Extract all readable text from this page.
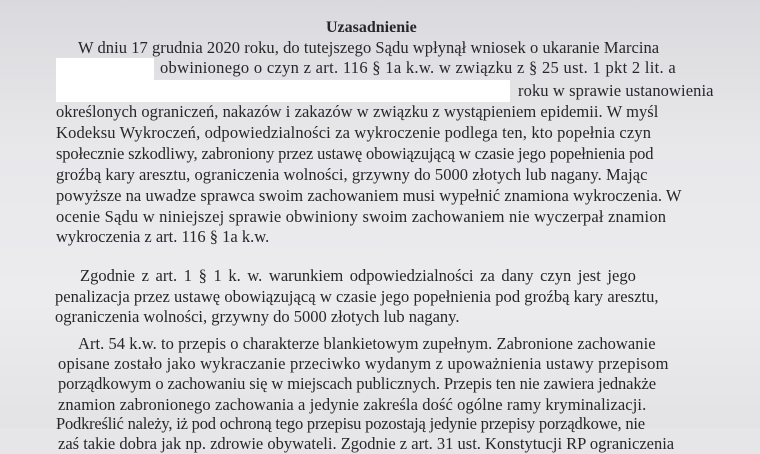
Uzasadnienie
W dniu 17 grudnia 2020 roku, do tutejszego Sądu wpłynął wniosek o ukaranie Marcina
obwinionego o czyn z art. 116 § 1a k.w. w związku z § 25 ust. 1 pkt 2 lit. a
roku w sprawie ustanowienia
określonych ograniczeń, nakazów i zakazów w związku z wystąpieniem epidemii. W myśl
Kodeksu Wykroczeń, odpowiedzialności za wykroczenie podlega ten, kto popełnia czyn
społecznie szkodliwy, zabroniony przez ustawę obowiązującą w czasie jego popełnienia pod
groźbą kary aresztu, ograniczenia wolności, grzywny do 5000 złotych lub nagany. Mając
powyższe na uwadze sprawca swoim zachowaniem musi wypełnić znamiona wykroczenia. W
ocenie Sądu w niniejszej sprawie obwiniony swoim zachowaniem nie wyczerpał znamion
wykroczenia z art. 116 § 1a k.w.
Zgodnie z art. 1 § 1 k. w. warunkiem odpowiedzialności za dany czyn jest jego
penalizacja przez ustawę obowiązującą w czasie jego popełnienia pod groźbą kary aresztu,
ograniczenia wolności, grzywny do 5000 złotych lub nagany.
Art. 54 k.w. to przepis o charakterze blankietowym zupełnym. Zabronione zachowanie
opisane zostało jako wykraczanie przeciwko wydanym z upoważnienia ustawy przepisom
porządkowym o zachowaniu się w miejscach publicznych. Przepis ten nie zawiera jednakże
znamion zabronionego zachowania a jedynie zakreśla dość ogólne ramy kryminalizacji.
Podkreślić należy, iż pod ochroną tego przepisu pozostają jedynie przepisy porządkowe, nie
zaś takie dobra jak np. zdrowie obywateli. Zgodnie z art. 31 ust. Konstytucji RP ograniczenia
